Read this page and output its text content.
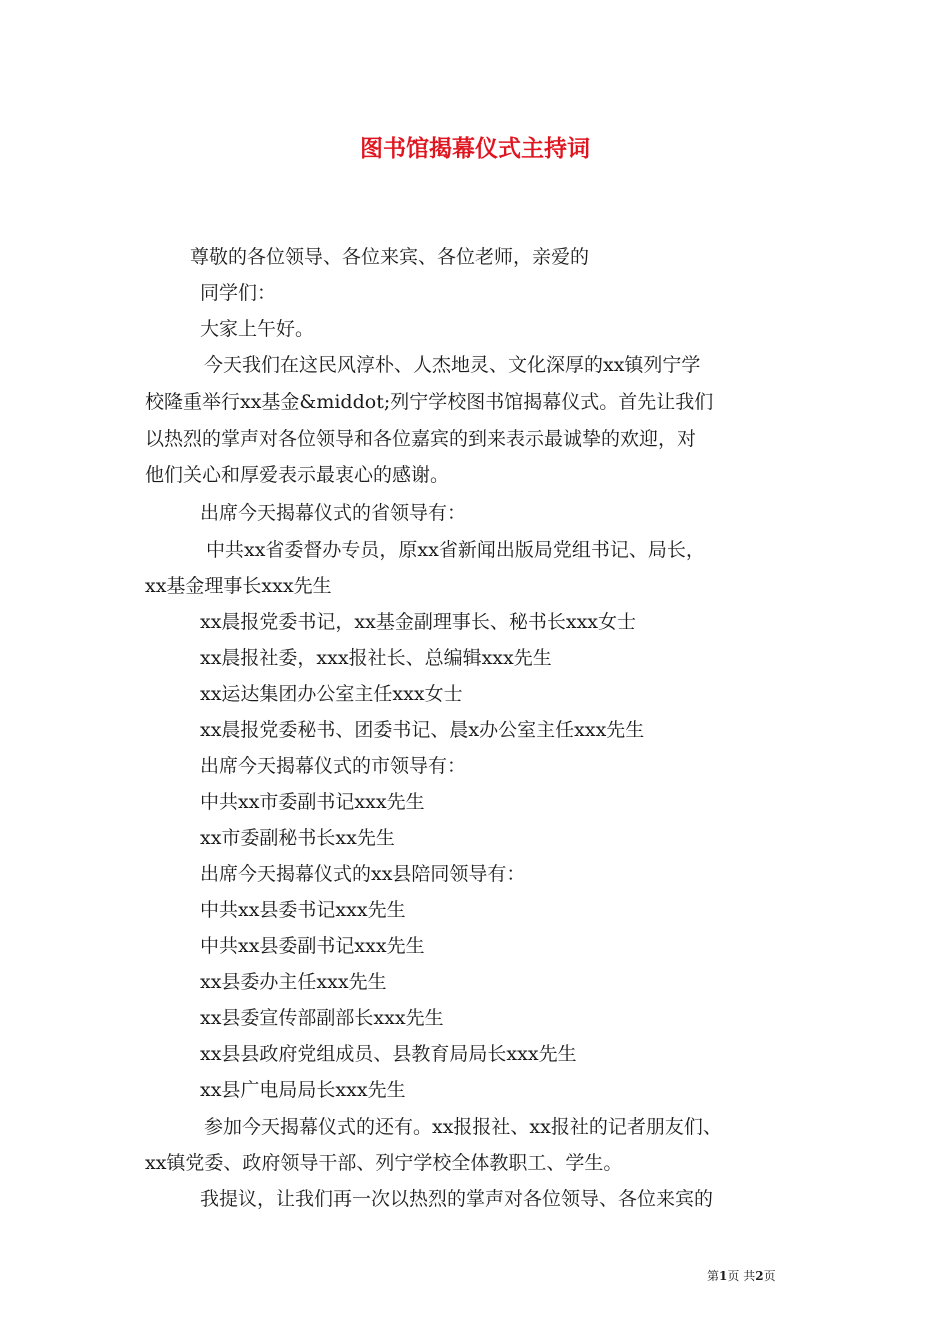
图书馆揭幕仪式主持词

尊敬的各位领导、各位来宾、各位老师，亲爱的

同学们：

大家上午好。

今天我们在这民风淳朴、人杰地灵、文化深厚的xx镇列宁学

校隆重举行xx基金&middot;列宁学校图书馆揭幕仪式。首先让我们

以热烈的掌声对各位领导和各位嘉宾的到来表示最诚挚的欢迎，对

他们关心和厚爱表示最衷心的感谢。

出席今天揭幕仪式的省领导有：

中共xx省委督办专员，原xx省新闻出版局党组书记、局长，

xx基金理事长xxx先生

xx晨报党委书记，xx基金副理事长、秘书长xxx女士

xx晨报社委，xxx报社长、总编辑xxx先生

xx运达集团办公室主任xxx女士

xx晨报党委秘书、团委书记、晨x办公室主任xxx先生

出席今天揭幕仪式的市领导有：

中共xx市委副书记xxx先生

xx市委副秘书长xx先生

出席今天揭幕仪式的xx县陪同领导有：

中共xx县委书记xxx先生

中共xx县委副书记xxx先生

xx县委办主任xxx先生

xx县委宣传部副部长xxx先生

xx县县政府党组成员、县教育局局长xxx先生

xx县广电局局长xxx先生

参加今天揭幕仪式的还有。xx报报社、xx报社的记者朋友们、

xx镇党委、政府领导干部、列宁学校全体教职工、学生。

我提议，让我们再一次以热烈的掌声对各位领导、各位来宾的

第1页 共2页
